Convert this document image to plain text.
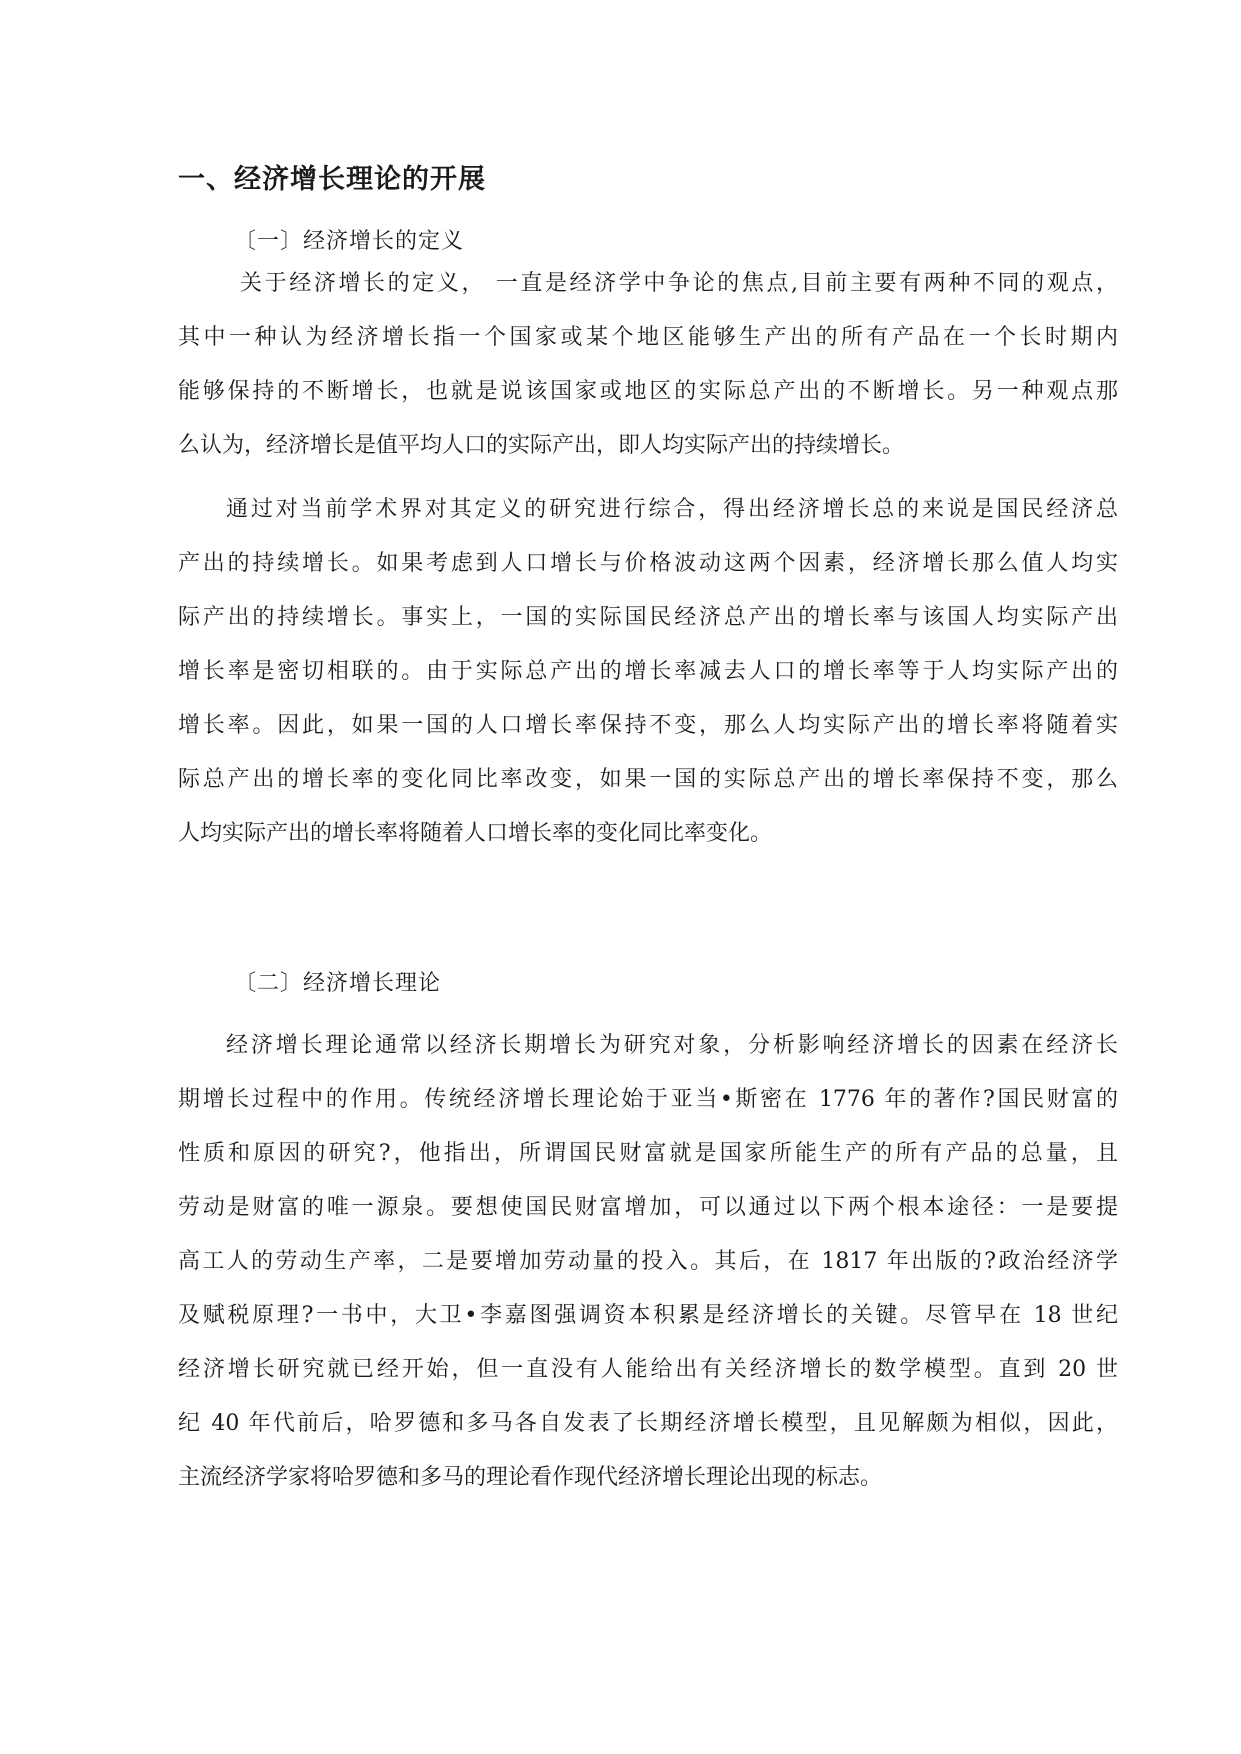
一、经济增长理论的开展
〔一〕经济增长的定义
关于经济增长的定义， 一直是经济学中争论的焦点,目前主要有两种不同的观点，
其中一种认为经济增长指一个国家或某个地区能够生产出的所有产品在一个长时期内
能够保持的不断增长，也就是说该国家或地区的实际总产出的不断增长。另一种观点那
么认为，经济增长是值平均人口的实际产出，即人均实际产出的持续增长。
通过对当前学术界对其定义的研究进行综合，得出经济增长总的来说是国民经济总
产出的持续增长。如果考虑到人口增长与价格波动这两个因素，经济增长那么值人均实
际产出的持续增长。事实上，一国的实际国民经济总产出的增长率与该国人均实际产出
增长率是密切相联的。由于实际总产出的增长率减去人口的增长率等于人均实际产出的
增长率。因此，如果一国的人口增长率保持不变，那么人均实际产出的增长率将随着实
际总产出的增长率的变化同比率改变，如果一国的实际总产出的增长率保持不变，那么
人均实际产出的增长率将随着人口增长率的变化同比率变化。
〔二〕经济增长理论
经济增长理论通常以经济长期增长为研究对象，分析影响经济增长的因素在经济长
期增长过程中的作用。传统经济增长理论始于亚当•斯密在 1776 年的著作?国民财富的
性质和原因的研究?，他指出，所谓国民财富就是国家所能生产的所有产品的总量，且
劳动是财富的唯一源泉。要想使国民财富增加，可以通过以下两个根本途径：一是要提
高工人的劳动生产率，二是要增加劳动量的投入。其后，在 1817 年出版的?政治经济学
及赋税原理?一书中，大卫•李嘉图强调资本积累是经济增长的关键。尽管早在 18 世纪
经济增长研究就已经开始，但一直没有人能给出有关经济增长的数学模型。直到 20 世
纪 40 年代前后，哈罗德和多马各自发表了长期经济增长模型，且见解颇为相似，因此，
主流经济学家将哈罗德和多马的理论看作现代经济增长理论出现的标志。
